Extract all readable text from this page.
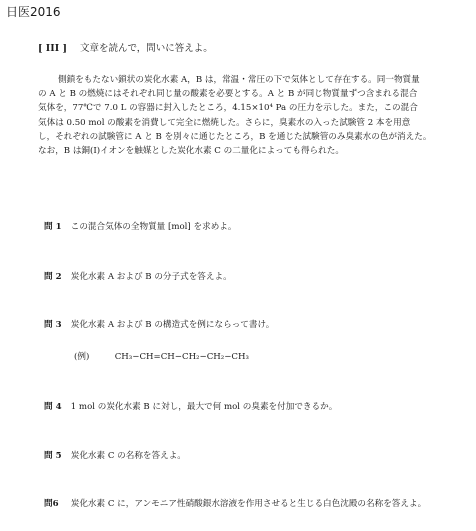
日医2016
[ III ] 文章を読んで，問いに答えよ。
側鎖をもたない鎖状の炭化水素 A，B は，常温・常圧の下で気体として存在する。同一物質量
の A と B の燃焼にはそれぞれ同じ量の酸素を必要とする。A と B が同じ物質量ずつ含まれる混合
気体を，77℃で 7.0 L の容器に封入したところ，4.15×10⁴ Pa の圧力を示した。また，この混合
気体は 0.50 mol の酸素を消費して完全に燃焼した。さらに，臭素水の入った試験管 2 本を用意
し，それぞれの試験管に A と B を別々に通じたところ，B を通じた試験管のみ臭素水の色が消えた。
なお，B は銅(I)イオンを触媒とした炭化水素 C の二量化によっても得られた。
問 1 この混合気体の全物質量 [mol] を求めよ。
問 2 炭化水素 A および B の分子式を答えよ。
問 3 炭化水素 A および B の構造式を例にならって書け。
(例)	CH₃−CH=CH−CH₂−CH₂−CH₃
問 4 1 mol の炭化水素 B に対し，最大で何 mol の臭素を付加できるか。
問 5 炭化水素 C の名称を答えよ。
問6 炭化水素 C に，アンモニア性硝酸銀水溶液を作用させると生じる白色沈殿の名称を答えよ。
